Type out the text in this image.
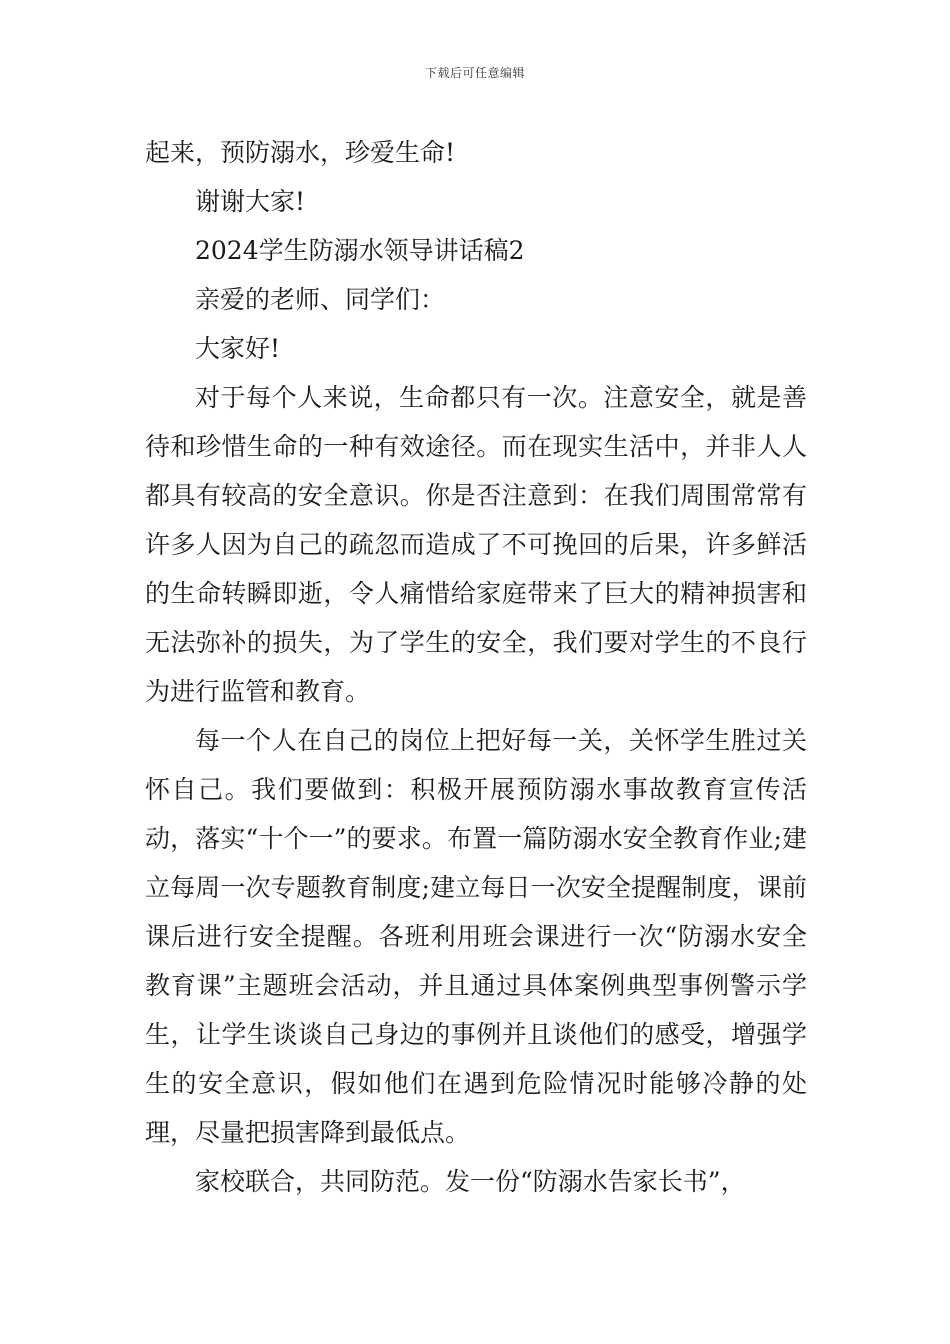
下载后可任意编辑

起来，预防溺水，珍爱生命!

谢谢大家!

2024学生防溺水领导讲话稿2

亲爱的老师、同学们：

大家好!

对于每个人来说，生命都只有一次。注意安全，就是善待和珍惜生命的一种有效途径。而在现实生活中，并非人人都具有较高的安全意识。你是否注意到：在我们周围常常有许多人因为自己的疏忽而造成了不可挽回的后果，许多鲜活的生命转瞬即逝，令人痛惜给家庭带来了巨大的精神损害和无法弥补的损失，为了学生的安全，我们要对学生的不良行为进行监管和教育。

每一个人在自己的岗位上把好每一关，关怀学生胜过关怀自己。我们要做到：积极开展预防溺水事故教育宣传活动，落实“十个一”的要求。布置一篇防溺水安全教育作业;建立每周一次专题教育制度;建立每日一次安全提醒制度，课前课后进行安全提醒。各班利用班会课进行一次“防溺水安全教育课”主题班会活动，并且通过具体案例典型事例警示学生，让学生谈谈自己身边的事例并且谈他们的感受，增强学生的安全意识，假如他们在遇到危险情况时能够冷静的处理，尽量把损害降到最低点。

家校联合，共同防范。发一份“防溺水告家长书”，
